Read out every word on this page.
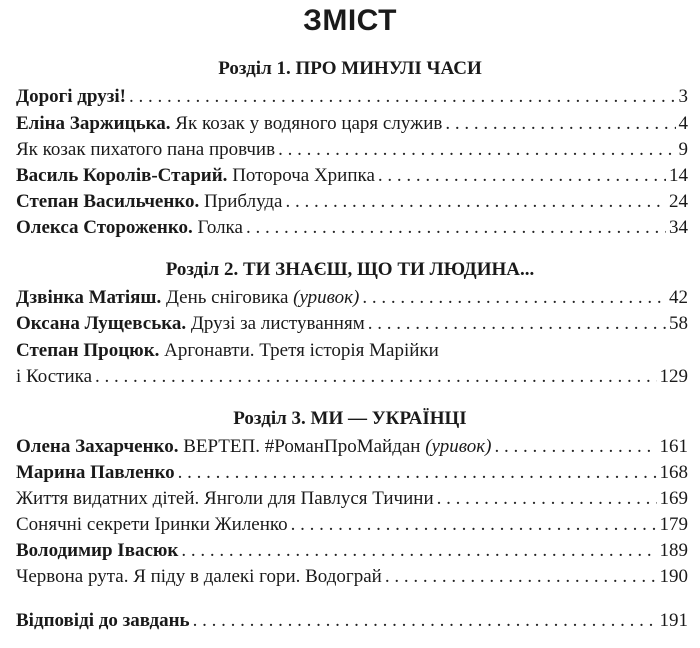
ЗМІСТ
Розділ 1. ПРО МИНУЛІ ЧАСИ
Дорогі друзі! . . .	3
Еліна Заржицька. Як козак у водяного царя служив . . .	4
Як козак пихатого пана провчив . . .	9
Василь Королів-Старий. Потороча Хрипка . . .	14
Степан Васильченко. Приблуда . . .	24
Олекса Стороженко. Голка . . .	34
Розділ 2. ТИ ЗНАЄШ, ЩО ТИ ЛЮДИНА...
Дзвінка Матіяш. День сніговика (уривок) . . .	42
Оксана Лущевська. Друзі за листуванням . . .	58
Степан Процюк. Аргонавти. Третя історія Марійки
і Костика . . .	129
Розділ 3. МИ — УКРАЇНЦІ
Олена Захарченко. ВЕРТЕП. #РоманПроМайдан (уривок) . . .	161
Марина Павленко . . .	168
Життя видатних дітей. Янголи для Павлуся Тичини . . .	169
Сонячні секрети Іринки Жиленко . . .	179
Володимир Івасюк . . .	189
Червона рута. Я піду в далекі гори. Водограй . . .	190
Відповіді до завдань . . .	191
